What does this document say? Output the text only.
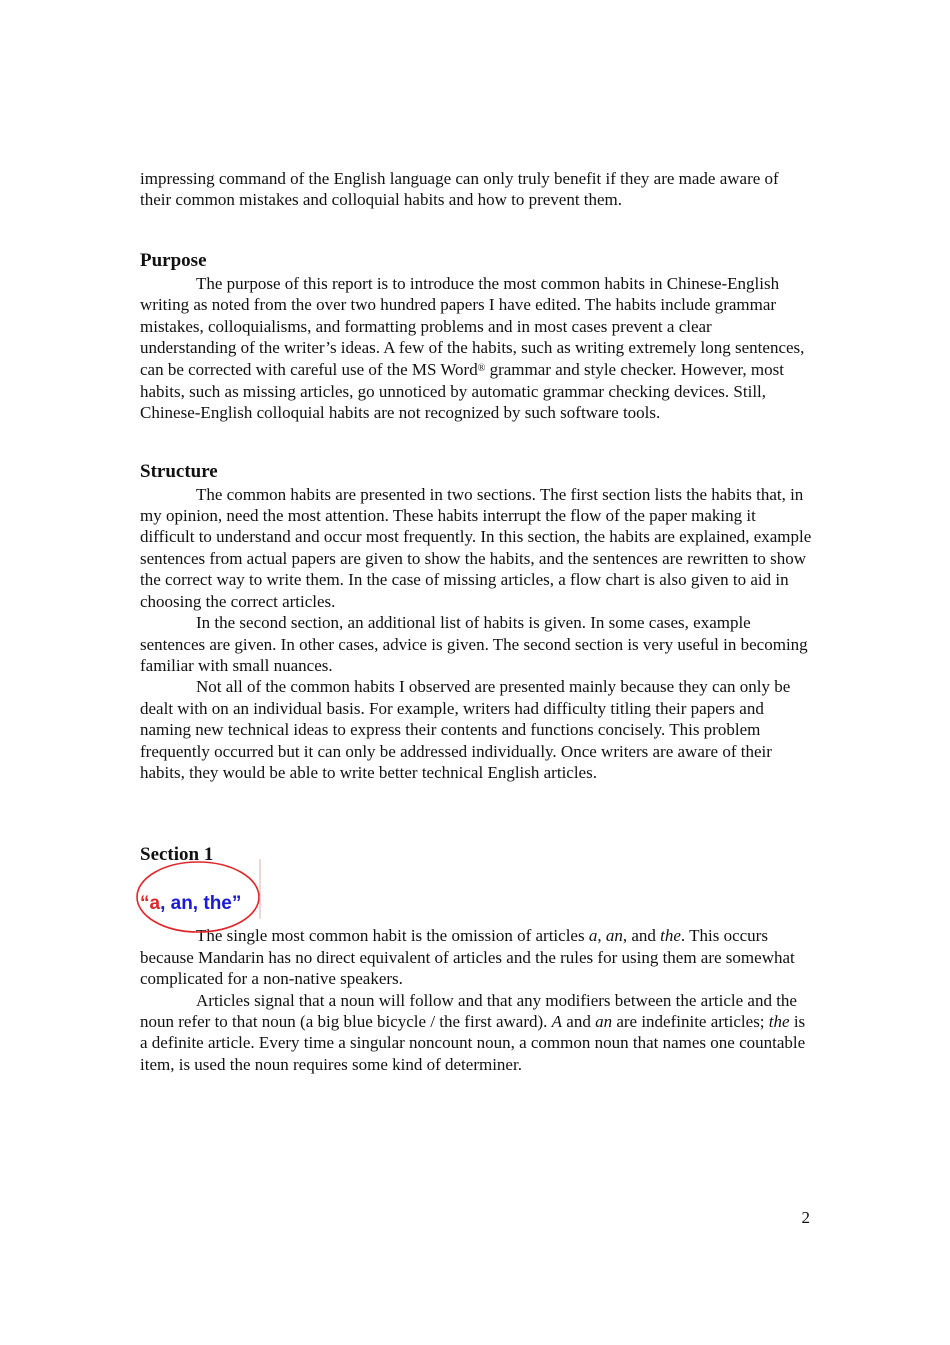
impressing command of the English language can only truly benefit if they are made aware of their common mistakes and colloquial habits and how to prevent them.

Purpose

The purpose of this report is to introduce the most common habits in Chinese-English writing as noted from the over two hundred papers I have edited. The habits include grammar mistakes, colloquialisms, and formatting problems and in most cases prevent a clear understanding of the writer’s ideas. A few of the habits, such as writing extremely long sentences, can be corrected with careful use of the MS Word® grammar and style checker. However, most habits, such as missing articles, go unnoticed by automatic grammar checking devices. Still, Chinese-English colloquial habits are not recognized by such software tools.

Structure

The common habits are presented in two sections. The first section lists the habits that, in my opinion, need the most attention. These habits interrupt the flow of the paper making it difficult to understand and occur most frequently. In this section, the habits are explained, example sentences from actual papers are given to show the habits, and the sentences are rewritten to show the correct way to write them. In the case of missing articles, a flow chart is also given to aid in choosing the correct articles.

In the second section, an additional list of habits is given. In some cases, example sentences are given. In other cases, advice is given. The second section is very useful in becoming familiar with small nuances.

Not all of the common habits I observed are presented mainly because they can only be dealt with on an individual basis. For example, writers had difficulty titling their papers and naming new technical ideas to express their contents and functions concisely. This problem frequently occurred but it can only be addressed individually. Once writers are aware of their habits, they would be able to write better technical English articles.

Section 1
“a, an, the”

The single most common habit is the omission of articles a, an, and the. This occurs because Mandarin has no direct equivalent of articles and the rules for using them are somewhat complicated for a non-native speakers.

Articles signal that a noun will follow and that any modifiers between the article and the noun refer to that noun (a big blue bicycle / the first award). A and an are indefinite articles; the is a definite article. Every time a singular noncount noun, a common noun that names one countable item, is used the noun requires some kind of determiner.

2
